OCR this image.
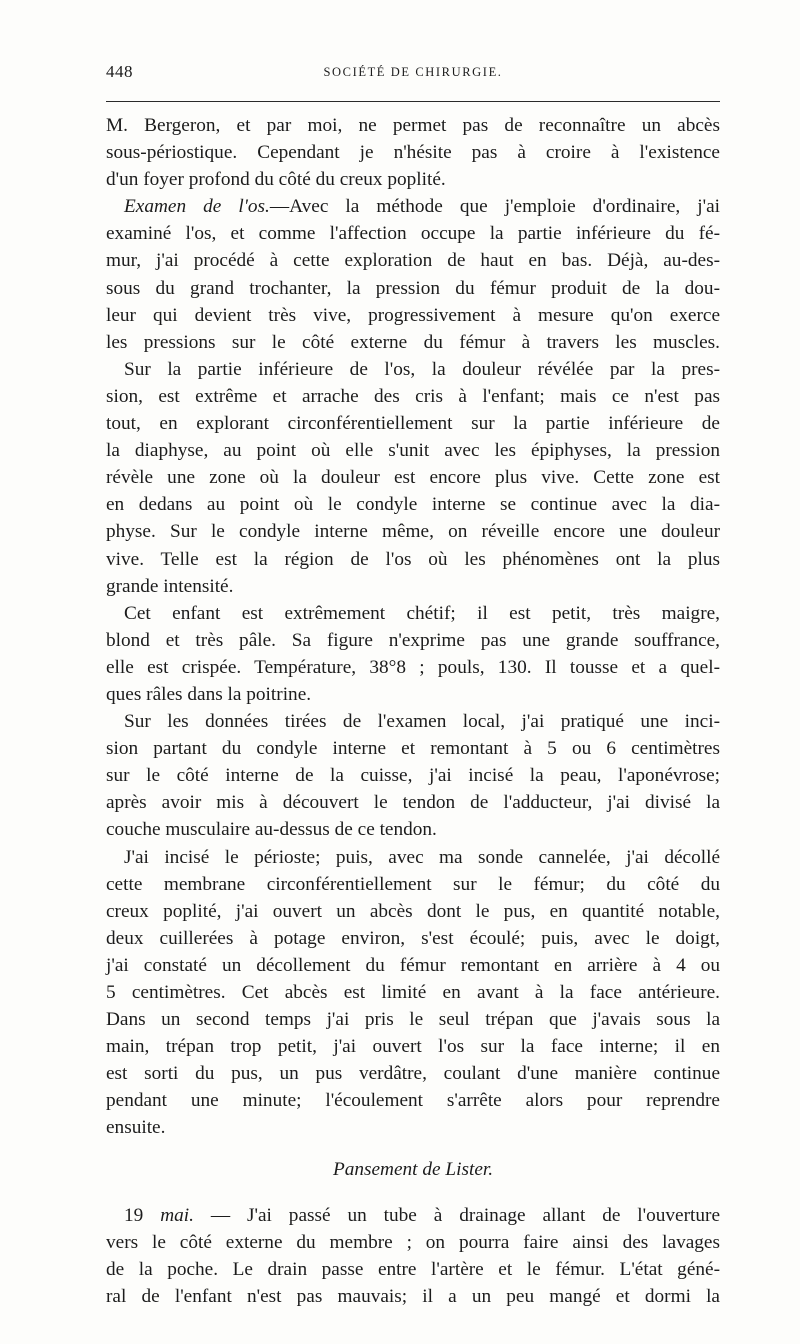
448	SOCIÉTÉ DE CHIRURGIE.
M. Bergeron, et par moi, ne permet pas de reconnaître un abcès
sous-périostique. Cependant je n'hésite pas à croire à l'existence
d'un foyer profond du côté du creux poplité.
Examen de l'os.—Avec la méthode que j'emploie d'ordinaire, j'ai
examiné l'os, et comme l'affection occupe la partie inférieure du fé-
mur, j'ai procédé à cette exploration de haut en bas. Déjà, au-des-
sous du grand trochanter, la pression du fémur produit de la dou-
leur qui devient très vive, progressivement à mesure qu'on exerce
les pressions sur le côté externe du fémur à travers les muscles.
Sur la partie inférieure de l'os, la douleur révélée par la pres-
sion, est extrême et arrache des cris à l'enfant; mais ce n'est pas
tout, en explorant circonférentiellement sur la partie inférieure de
la diaphyse, au point où elle s'unit avec les épiphyses, la pression
révèle une zone où la douleur est encore plus vive. Cette zone est
en dedans au point où le condyle interne se continue avec la dia-
physe. Sur le condyle interne même, on réveille encore une douleur
vive. Telle est la région de l'os où les phénomènes ont la plus
grande intensité.
Cet enfant est extrêmement chétif; il est petit, très maigre,
blond et très pâle. Sa figure n'exprime pas une grande souffrance,
elle est crispée. Température, 38°8 ; pouls, 130. Il tousse et a quel-
ques râles dans la poitrine.
Sur les données tirées de l'examen local, j'ai pratiqué une inci-
sion partant du condyle interne et remontant à 5 ou 6 centimètres
sur le côté interne de la cuisse, j'ai incisé la peau, l'aponévrose;
après avoir mis à découvert le tendon de l'adducteur, j'ai divisé la
couche musculaire au-dessus de ce tendon.
J'ai incisé le périoste; puis, avec ma sonde cannelée, j'ai décollé
cette membrane circonférentiellement sur le fémur; du côté du
creux poplité, j'ai ouvert un abcès dont le pus, en quantité notable,
deux cuillerées à potage environ, s'est écoulé; puis, avec le doigt,
j'ai constaté un décollement du fémur remontant en arrière à 4 ou
5 centimètres. Cet abcès est limité en avant à la face antérieure.
Dans un second temps j'ai pris le seul trépan que j'avais sous la
main, trépan trop petit, j'ai ouvert l'os sur la face interne; il en
est sorti du pus, un pus verdâtre, coulant d'une manière continue
pendant une minute; l'écoulement s'arrête alors pour reprendre
ensuite.
Pansement de Lister.
19 mai. — J'ai passé un tube à drainage allant de l'ouverture
vers le côté externe du membre ; on pourra faire ainsi des lavages
de la poche. Le drain passe entre l'artère et le fémur. L'état géné-
ral de l'enfant n'est pas mauvais; il a un peu mangé et dormi la
